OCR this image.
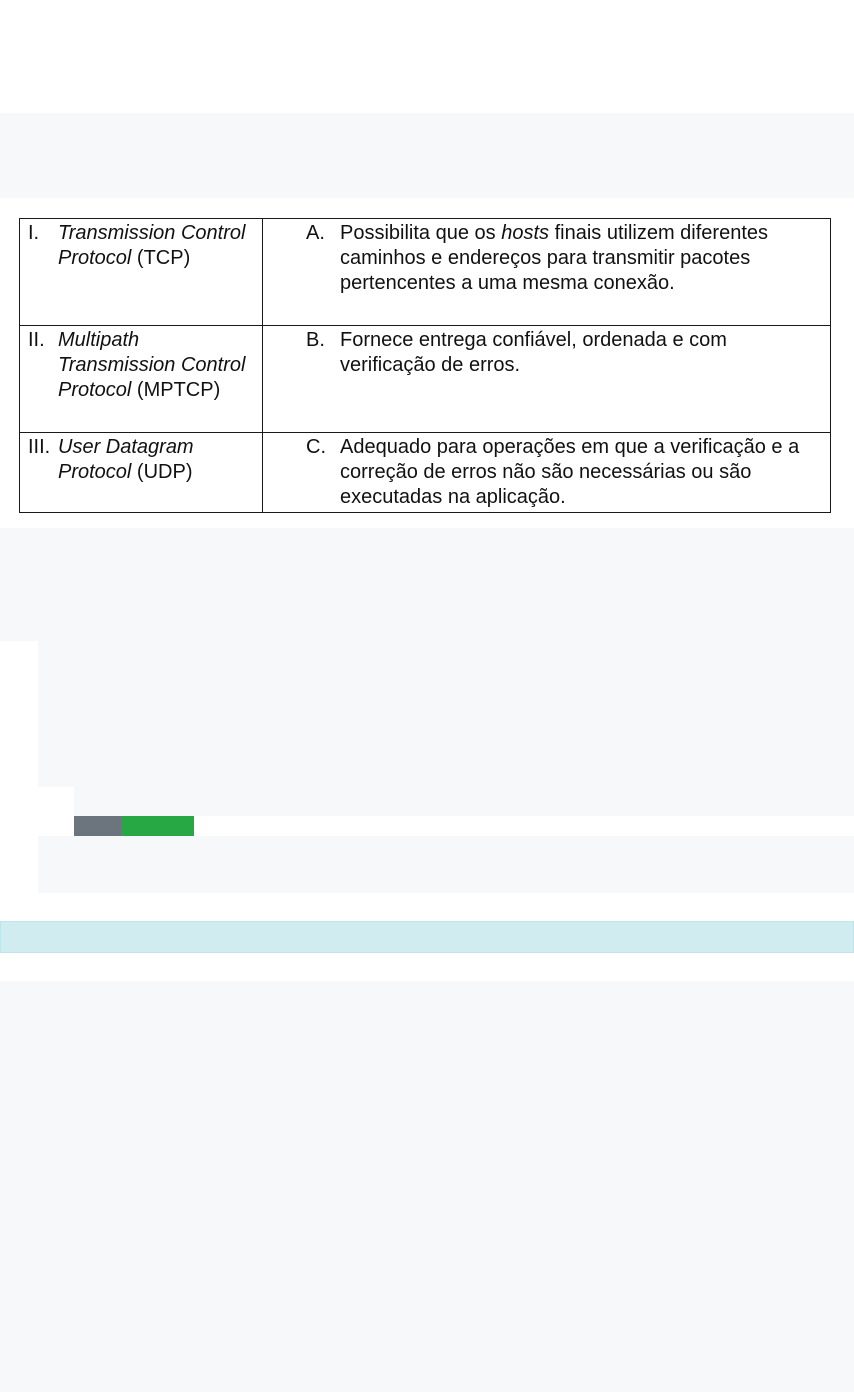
I. Transmission Control Protocol (TCP)	A. Possibilita que os hosts finais utilizem diferentes caminhos e endereços para transmitir pacotes pertencentes a uma mesma conexão.

II. Multipath Transmission Control Protocol (MPTCP)	B. Fornece entrega confiável, ordenada e com verificação de erros.

III. User Datagram Protocol (UDP)	C. Adequado para operações em que a verificação e a correção de erros não são necessárias ou são executadas na aplicação.
